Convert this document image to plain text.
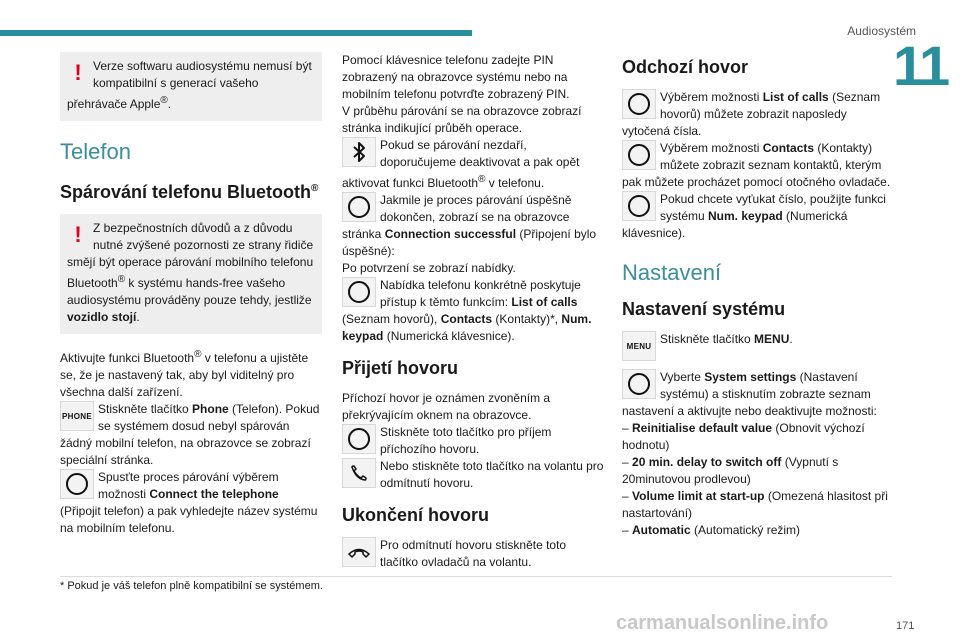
Audiosystém
11
! Verze softwaru audiosystému nemusí být kompatibilní s generací vašeho přehrávače Apple®.
Telefon
Spárování telefonu Bluetooth®
! Z bezpečnostních důvodů a z důvodu nutné zvýšené pozornosti ze strany řidiče smějí být operace párování mobilního telefonu Bluetooth® k systému hands-free vašeho audiosystému prováděny pouze tehdy, jestliže vozidlo stojí.

Aktivujte funkci Bluetooth® v telefonu a ujistěte se, že je nastavený tak, aby byl viditelný pro všechna další zařízení.

PHONE Stiskněte tlačítko Phone (Telefon). Pokud se systémem dosud nebyl spárován žádný mobilní telefon, na obrazovce se zobrazí speciální stránka.

Spusťte proces párování výběrem možnosti Connect the telephone (Připojit telefon) a pak vyhledejte název systému na mobilním telefonu.

Pomocí klávesnice telefonu zadejte PIN zobrazený na obrazovce systému nebo na mobilním telefonu potvrďte zobrazený PIN.

V průběhu párování se na obrazovce zobrazí stránka indikující průběh operace.

Pokud se párování nezdaří, doporučujeme deaktivovat a pak opět aktivovat funkci Bluetooth® v telefonu.

Jakmile je proces párování úspěšně dokončen, zobrazí se na obrazovce stránka Connection successful (Připojení bylo úspěšné):

Po potvrzení se zobrazí nabídky.

Nabídka telefonu konkrétně poskytuje přístup k těmto funkcím: List of calls (Seznam hovorů), Contacts (Kontakty)*, Num. keypad (Numerická klávesnice).

Přijetí hovoru

Příchozí hovor je oznámen zvoněním a překrývajícím oknem na obrazovce.

Stiskněte toto tlačítko pro příjem příchozího hovoru.

Nebo stiskněte toto tlačítko na volantu pro odmítnutí hovoru.

Ukončení hovoru

Pro odmítnutí hovoru stiskněte toto tlačítko ovladačů na volantu.

Odchozí hovor

Výběrem možnosti List of calls (Seznam hovorů) můžete zobrazit naposledy vytočená čísla.

Výběrem možnosti Contacts (Kontakty) můžete zobrazit seznam kontaktů, kterým pak můžete procházet pomocí otočného ovladače.

Pokud chcete vyťukat číslo, použijte funkci systému Num. keypad (Numerická klávesnice).

Nastavení
Nastavení systému
MENU Stiskněte tlačítko MENU.

Vyberte System settings (Nastavení systému) a stisknutím zobrazte seznam nastavení a aktivujte nebo deaktivujte možnosti:

– Reinitialise default value (Obnovit výchozí hodnotu)

– 20 min. delay to switch off (Vypnutí s 20minutovou prodlevou)

– Volume limit at start-up (Omezená hlasitost při nastartování)

– Automatic (Automatický režim)

* Pokud je váš telefon plně kompatibilní se systémem.
carmanualsonline.info	171
